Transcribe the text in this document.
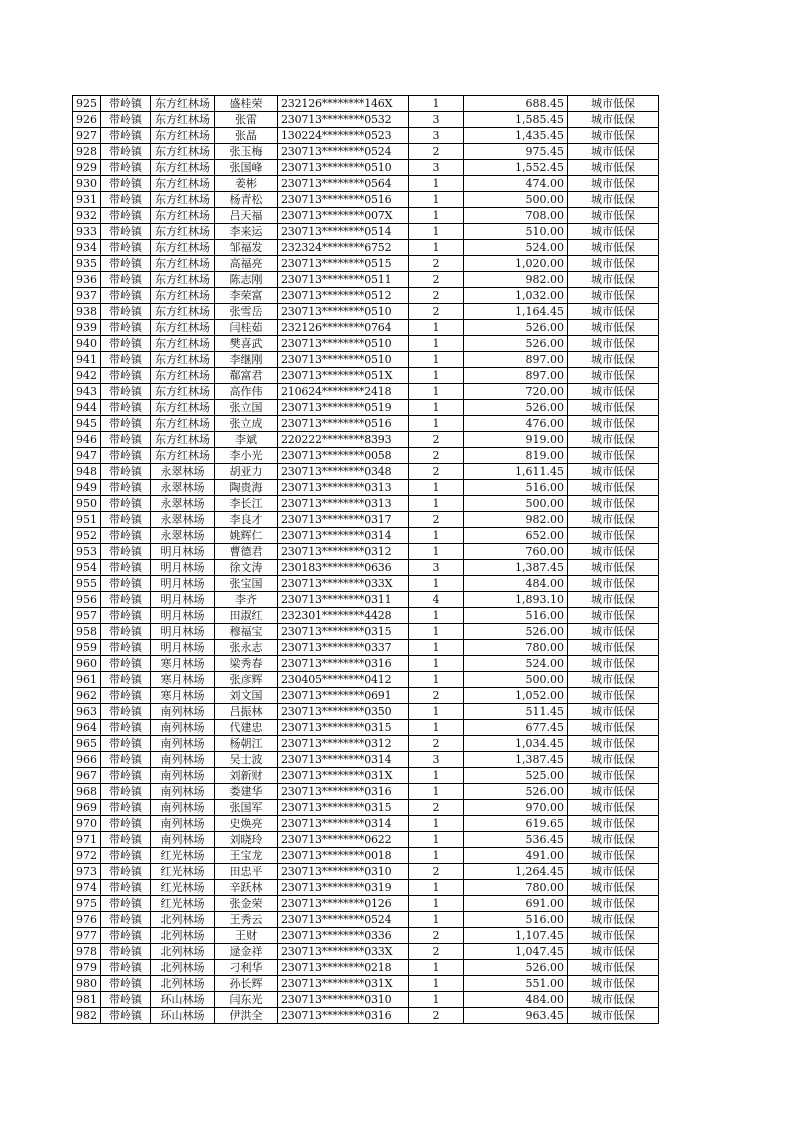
925	带岭镇	东方红林场	盛桂荣	232126********146X	1	688.45	城市低保
926	带岭镇	东方红林场	张雷	230713********0532	3	1,585.45	城市低保
927	带岭镇	东方红林场	张晶	130224********0523	3	1,435.45	城市低保
928	带岭镇	东方红林场	张玉梅	230713********0524	2	975.45	城市低保
929	带岭镇	东方红林场	张国峰	230713********0510	3	1,552.45	城市低保
930	带岭镇	东方红林场	姜彬	230713********0564	1	474.00	城市低保
931	带岭镇	东方红林场	杨青松	230713********0516	1	500.00	城市低保
932	带岭镇	东方红林场	吕天福	230713********007X	1	708.00	城市低保
933	带岭镇	东方红林场	李来运	230713********0514	1	510.00	城市低保
934	带岭镇	东方红林场	邹福发	232324********6752	1	524.00	城市低保
935	带岭镇	东方红林场	高福亮	230713********0515	2	1,020.00	城市低保
936	带岭镇	东方红林场	陈志刚	230713********0511	2	982.00	城市低保
937	带岭镇	东方红林场	李荣富	230713********0512	2	1,032.00	城市低保
938	带岭镇	东方红林场	张雪岳	230713********0510	2	1,164.45	城市低保
939	带岭镇	东方红林场	闫桂茹	232126********0764	1	526.00	城市低保
940	带岭镇	东方红林场	樊喜武	230713********0510	1	526.00	城市低保
941	带岭镇	东方红林场	李继刚	230713********0510	1	897.00	城市低保
942	带岭镇	东方红林场	郗富君	230713********051X	1	897.00	城市低保
943	带岭镇	东方红林场	高作伟	210624********2418	1	720.00	城市低保
944	带岭镇	东方红林场	张立国	230713********0519	1	526.00	城市低保
945	带岭镇	东方红林场	张立成	230713********0516	1	476.00	城市低保
946	带岭镇	东方红林场	李斌	220222********8393	2	919.00	城市低保
947	带岭镇	东方红林场	李小光	230713********0058	2	819.00	城市低保
948	带岭镇	永翠林场	胡亚力	230713********0348	2	1,611.45	城市低保
949	带岭镇	永翠林场	陶贵海	230713********0313	1	516.00	城市低保
950	带岭镇	永翠林场	李长江	230713********0313	1	500.00	城市低保
951	带岭镇	永翠林场	李良才	230713********0317	2	982.00	城市低保
952	带岭镇	永翠林场	姚辉仁	230713********0314	1	652.00	城市低保
953	带岭镇	明月林场	曹德君	230713********0312	1	760.00	城市低保
954	带岭镇	明月林场	徐文涛	230183********0636	3	1,387.45	城市低保
955	带岭镇	明月林场	张宝国	230713********033X	1	484.00	城市低保
956	带岭镇	明月林场	李齐	230713********0311	4	1,893.10	城市低保
957	带岭镇	明月林场	田淑红	232301********4428	1	516.00	城市低保
958	带岭镇	明月林场	穆福宝	230713********0315	1	526.00	城市低保
959	带岭镇	明月林场	张永志	230713********0337	1	780.00	城市低保
960	带岭镇	寒月林场	梁秀春	230713********0316	1	524.00	城市低保
961	带岭镇	寒月林场	张彦辉	230405********0412	1	500.00	城市低保
962	带岭镇	寒月林场	刘文国	230713********0691	2	1,052.00	城市低保
963	带岭镇	南列林场	吕振林	230713********0350	1	511.45	城市低保
964	带岭镇	南列林场	代建忠	230713********0315	1	677.45	城市低保
965	带岭镇	南列林场	杨朝江	230713********0312	2	1,034.45	城市低保
966	带岭镇	南列林场	吴士波	230713********0314	3	1,387.45	城市低保
967	带岭镇	南列林场	刘新财	230713********031X	1	525.00	城市低保
968	带岭镇	南列林场	娄建华	230713********0316	1	526.00	城市低保
969	带岭镇	南列林场	张国军	230713********0315	2	970.00	城市低保
970	带岭镇	南列林场	史焕亮	230713********0314	1	619.65	城市低保
971	带岭镇	南列林场	刘晓玲	230713********0622	1	536.45	城市低保
972	带岭镇	红光林场	王宝龙	230713********0018	1	491.00	城市低保
973	带岭镇	红光林场	田忠平	230713********0310	2	1,264.45	城市低保
974	带岭镇	红光林场	辛跃林	230713********0319	1	780.00	城市低保
975	带岭镇	红光林场	张金荣	230713********0126	1	691.00	城市低保
976	带岭镇	北列林场	王秀云	230713********0524	1	516.00	城市低保
977	带岭镇	北列林场	王财	230713********0336	2	1,107.45	城市低保
978	带岭镇	北列林场	逯金祥	230713********033X	2	1,047.45	城市低保
979	带岭镇	北列林场	刁利华	230713********0218	1	526.00	城市低保
980	带岭镇	北列林场	孙长辉	230713********031X	1	551.00	城市低保
981	带岭镇	环山林场	闫东光	230713********0310	1	484.00	城市低保
982	带岭镇	环山林场	伊洪全	230713********0316	2	963.45	城市低保
